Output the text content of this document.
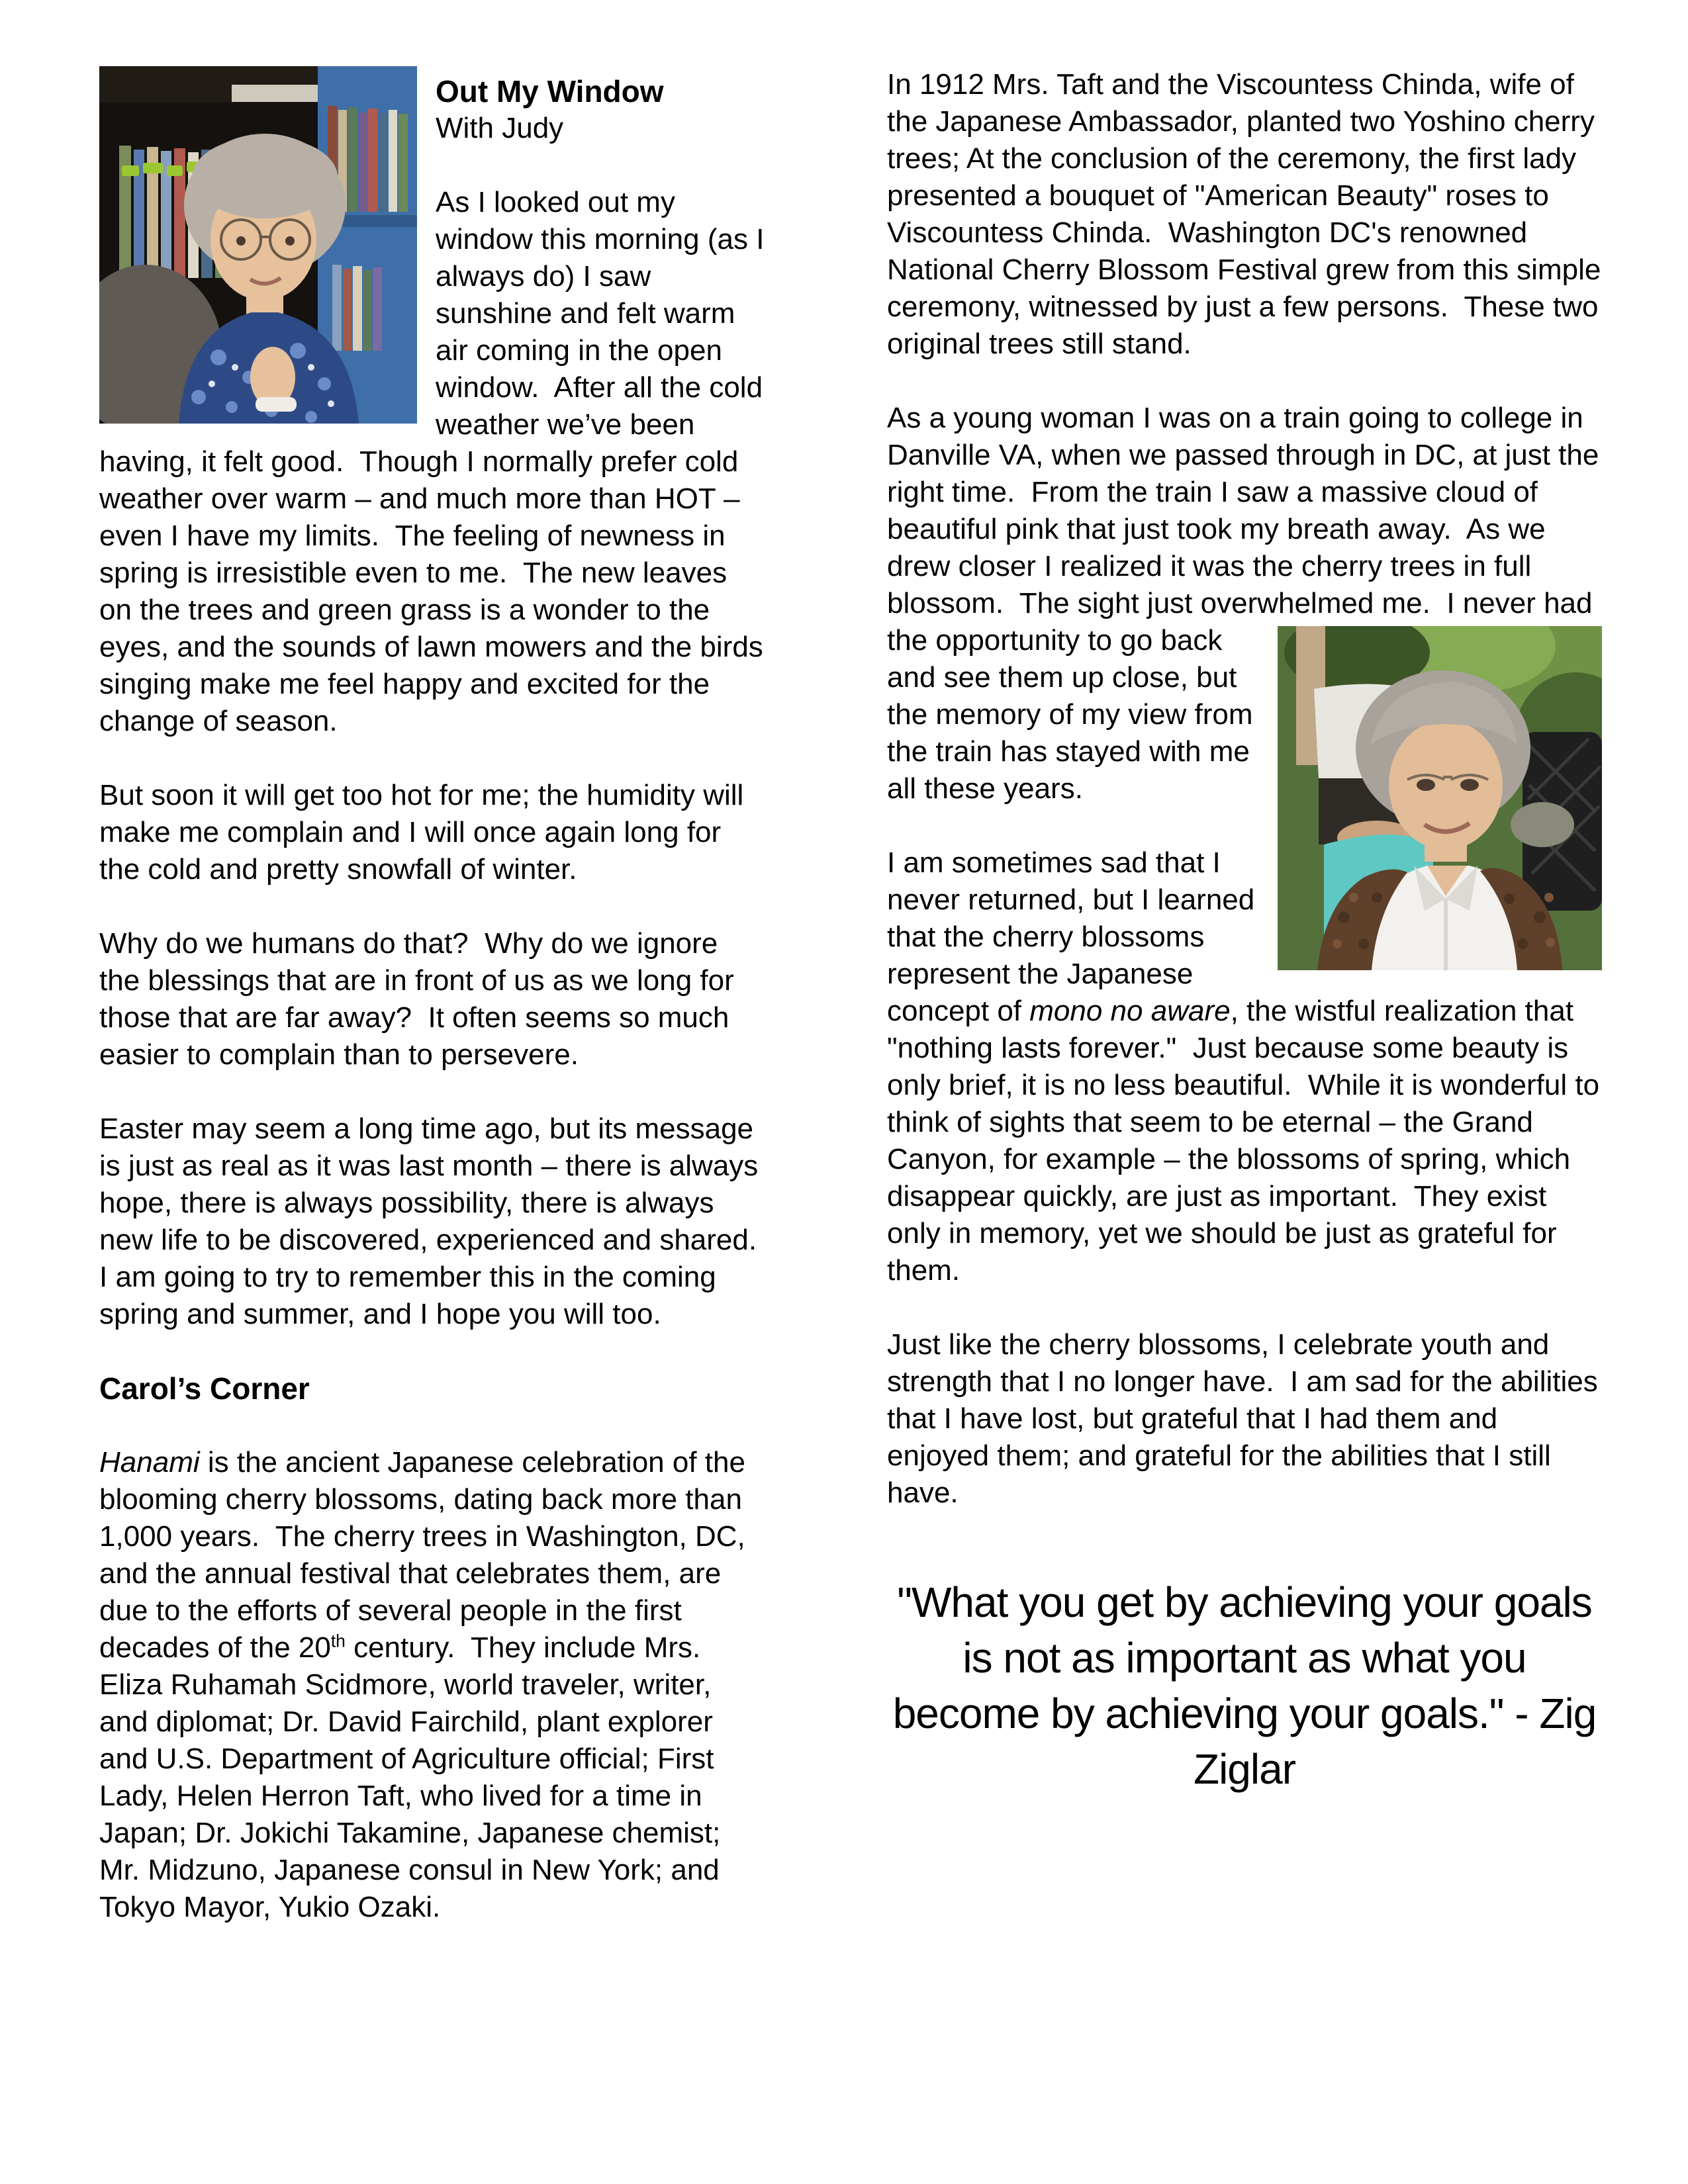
Out My Window
With Judy

As I looked out my window this morning (as I always do) I saw sunshine and felt warm air coming in the open window.  After all the cold weather we’ve been having, it felt good.  Though I normally prefer cold weather over warm – and much more than HOT – even I have my limits.  The feeling of newness in spring is irresistible even to me.  The new leaves on the trees and green grass is a wonder to the eyes, and the sounds of lawn mowers and the birds singing make me feel happy and excited for the change of season.

But soon it will get too hot for me; the humidity will make me complain and I will once again long for the cold and pretty snowfall of winter.

Why do we humans do that?  Why do we ignore the blessings that are in front of us as we long for those that are far away?  It often seems so much easier to complain than to persevere.

Easter may seem a long time ago, but its message is just as real as it was last month – there is always hope, there is always possibility, there is always new life to be discovered, experienced and shared.  I am going to try to remember this in the coming spring and summer, and I hope you will too.

Carol’s Corner

Hanami is the ancient Japanese celebration of the blooming cherry blossoms, dating back more than 1,000 years.  The cherry trees in Washington, DC, and the annual festival that celebrates them, are due to the efforts of several people in the first decades of the 20th century.  They include Mrs. Eliza Ruhamah Scidmore, world traveler, writer, and diplomat; Dr. David Fairchild, plant explorer and U.S. Department of Agriculture official; First Lady, Helen Herron Taft, who lived for a time in Japan; Dr. Jokichi Takamine, Japanese chemist; Mr. Midzuno, Japanese consul in New York; and Tokyo Mayor, Yukio Ozaki.

In 1912 Mrs. Taft and the Viscountess Chinda, wife of the Japanese Ambassador, planted two Yoshino cherry trees; At the conclusion of the ceremony, the first lady presented a bouquet of "American Beauty" roses to Viscountess Chinda.  Washington DC's renowned National Cherry Blossom Festival grew from this simple ceremony, witnessed by just a few persons.  These two original trees still stand.

As a young woman I was on a train going to college in Danville VA, when we passed through in DC, at just the right time.  From the train I saw a massive cloud of beautiful pink that just took my breath away.  As we drew closer I realized it was the cherry trees in full blossom.  The sight just overwhelmed me.  I
never had the opportunity to go back and see them up close, but the memory of my view from the train has stayed with me all these years.

I am sometimes sad that I never returned, but I learned that the cherry blossoms represent the Japanese concept of mono no aware, the wistful realization that "nothing lasts forever."  Just because some beauty is only brief, it is no less beautiful.  While it is wonderful to think of sights that seem to be eternal – the Grand Canyon, for example – the blossoms of spring, which disappear quickly, are just as important.  They exist only in memory, yet we should be just as grateful for them.

Just like the cherry blossoms, I celebrate youth and strength that I no longer have.  I am sad for the abilities that I have lost, but grateful that I had them and enjoyed them; and grateful for the abilities that I still have.

"What you get by achieving your goals is not as important as what you become by achieving your goals." - Zig Ziglar
